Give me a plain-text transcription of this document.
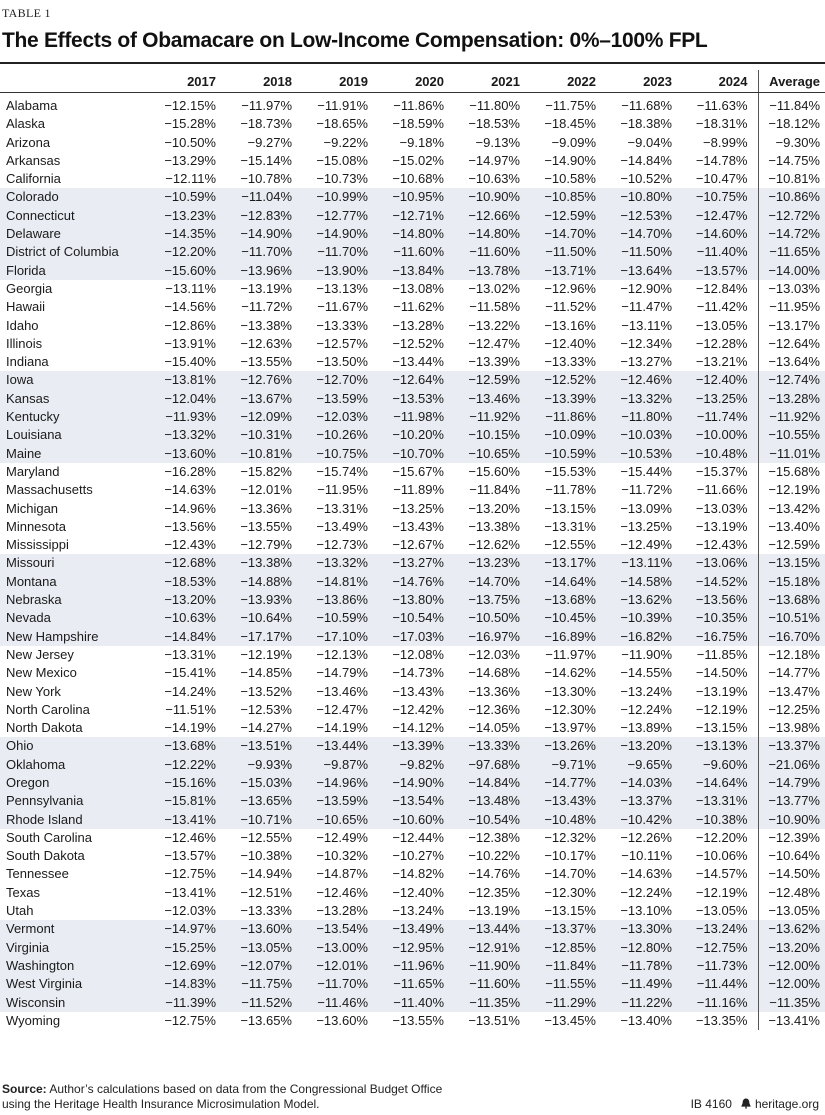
TABLE 1
The Effects of Obamacare on Low-Income Compensation: 0%–100% FPL
	2017	2018	2019	2020	2021	2022	2023	2024	Average
Alabama	−12.15%	−11.97%	−11.91%	−11.86%	−11.80%	−11.75%	−11.68%	−11.63%	−11.84%
Alaska	−15.28%	−18.73%	−18.65%	−18.59%	−18.53%	−18.45%	−18.38%	−18.31%	−18.12%
Arizona	−10.50%	−9.27%	−9.22%	−9.18%	−9.13%	−9.09%	−9.04%	−8.99%	−9.30%
Arkansas	−13.29%	−15.14%	−15.08%	−15.02%	−14.97%	−14.90%	−14.84%	−14.78%	−14.75%
California	−12.11%	−10.78%	−10.73%	−10.68%	−10.63%	−10.58%	−10.52%	−10.47%	−10.81%
Colorado	−10.59%	−11.04%	−10.99%	−10.95%	−10.90%	−10.85%	−10.80%	−10.75%	−10.86%
Connecticut	−13.23%	−12.83%	−12.77%	−12.71%	−12.66%	−12.59%	−12.53%	−12.47%	−12.72%
Delaware	−14.35%	−14.90%	−14.90%	−14.80%	−14.80%	−14.70%	−14.70%	−14.60%	−14.72%
District of Columbia	−12.20%	−11.70%	−11.70%	−11.60%	−11.60%	−11.50%	−11.50%	−11.40%	−11.65%
Florida	−15.60%	−13.96%	−13.90%	−13.84%	−13.78%	−13.71%	−13.64%	−13.57%	−14.00%
Georgia	−13.11%	−13.19%	−13.13%	−13.08%	−13.02%	−12.96%	−12.90%	−12.84%	−13.03%
Hawaii	−14.56%	−11.72%	−11.67%	−11.62%	−11.58%	−11.52%	−11.47%	−11.42%	−11.95%
Idaho	−12.86%	−13.38%	−13.33%	−13.28%	−13.22%	−13.16%	−13.11%	−13.05%	−13.17%
Illinois	−13.91%	−12.63%	−12.57%	−12.52%	−12.47%	−12.40%	−12.34%	−12.28%	−12.64%
Indiana	−15.40%	−13.55%	−13.50%	−13.44%	−13.39%	−13.33%	−13.27%	−13.21%	−13.64%
Iowa	−13.81%	−12.76%	−12.70%	−12.64%	−12.59%	−12.52%	−12.46%	−12.40%	−12.74%
Kansas	−12.04%	−13.67%	−13.59%	−13.53%	−13.46%	−13.39%	−13.32%	−13.25%	−13.28%
Kentucky	−11.93%	−12.09%	−12.03%	−11.98%	−11.92%	−11.86%	−11.80%	−11.74%	−11.92%
Louisiana	−13.32%	−10.31%	−10.26%	−10.20%	−10.15%	−10.09%	−10.03%	−10.00%	−10.55%
Maine	−13.60%	−10.81%	−10.75%	−10.70%	−10.65%	−10.59%	−10.53%	−10.48%	−11.01%
Maryland	−16.28%	−15.82%	−15.74%	−15.67%	−15.60%	−15.53%	−15.44%	−15.37%	−15.68%
Massachusetts	−14.63%	−12.01%	−11.95%	−11.89%	−11.84%	−11.78%	−11.72%	−11.66%	−12.19%
Michigan	−14.96%	−13.36%	−13.31%	−13.25%	−13.20%	−13.15%	−13.09%	−13.03%	−13.42%
Minnesota	−13.56%	−13.55%	−13.49%	−13.43%	−13.38%	−13.31%	−13.25%	−13.19%	−13.40%
Mississippi	−12.43%	−12.79%	−12.73%	−12.67%	−12.62%	−12.55%	−12.49%	−12.43%	−12.59%
Missouri	−12.68%	−13.38%	−13.32%	−13.27%	−13.23%	−13.17%	−13.11%	−13.06%	−13.15%
Montana	−18.53%	−14.88%	−14.81%	−14.76%	−14.70%	−14.64%	−14.58%	−14.52%	−15.18%
Nebraska	−13.20%	−13.93%	−13.86%	−13.80%	−13.75%	−13.68%	−13.62%	−13.56%	−13.68%
Nevada	−10.63%	−10.64%	−10.59%	−10.54%	−10.50%	−10.45%	−10.39%	−10.35%	−10.51%
New Hampshire	−14.84%	−17.17%	−17.10%	−17.03%	−16.97%	−16.89%	−16.82%	−16.75%	−16.70%
New Jersey	−13.31%	−12.19%	−12.13%	−12.08%	−12.03%	−11.97%	−11.90%	−11.85%	−12.18%
New Mexico	−15.41%	−14.85%	−14.79%	−14.73%	−14.68%	−14.62%	−14.55%	−14.50%	−14.77%
New York	−14.24%	−13.52%	−13.46%	−13.43%	−13.36%	−13.30%	−13.24%	−13.19%	−13.47%
North Carolina	−11.51%	−12.53%	−12.47%	−12.42%	−12.36%	−12.30%	−12.24%	−12.19%	−12.25%
North Dakota	−14.19%	−14.27%	−14.19%	−14.12%	−14.05%	−13.97%	−13.89%	−13.15%	−13.98%
Ohio	−13.68%	−13.51%	−13.44%	−13.39%	−13.33%	−13.26%	−13.20%	−13.13%	−13.37%
Oklahoma	−12.22%	−9.93%	−9.87%	−9.82%	−97.68%	−9.71%	−9.65%	−9.60%	−21.06%
Oregon	−15.16%	−15.03%	−14.96%	−14.90%	−14.84%	−14.77%	−14.03%	−14.64%	−14.79%
Pennsylvania	−15.81%	−13.65%	−13.59%	−13.54%	−13.48%	−13.43%	−13.37%	−13.31%	−13.77%
Rhode Island	−13.41%	−10.71%	−10.65%	−10.60%	−10.54%	−10.48%	−10.42%	−10.38%	−10.90%
South Carolina	−12.46%	−12.55%	−12.49%	−12.44%	−12.38%	−12.32%	−12.26%	−12.20%	−12.39%
South Dakota	−13.57%	−10.38%	−10.32%	−10.27%	−10.22%	−10.17%	−10.11%	−10.06%	−10.64%
Tennessee	−12.75%	−14.94%	−14.87%	−14.82%	−14.76%	−14.70%	−14.63%	−14.57%	−14.50%
Texas	−13.41%	−12.51%	−12.46%	−12.40%	−12.35%	−12.30%	−12.24%	−12.19%	−12.48%
Utah	−12.03%	−13.33%	−13.28%	−13.24%	−13.19%	−13.15%	−13.10%	−13.05%	−13.05%
Vermont	−14.97%	−13.60%	−13.54%	−13.49%	−13.44%	−13.37%	−13.30%	−13.24%	−13.62%
Virginia	−15.25%	−13.05%	−13.00%	−12.95%	−12.91%	−12.85%	−12.80%	−12.75%	−13.20%
Washington	−12.69%	−12.07%	−12.01%	−11.96%	−11.90%	−11.84%	−11.78%	−11.73%	−12.00%
West Virginia	−14.83%	−11.75%	−11.70%	−11.65%	−11.60%	−11.55%	−11.49%	−11.44%	−12.00%
Wisconsin	−11.39%	−11.52%	−11.46%	−11.40%	−11.35%	−11.29%	−11.22%	−11.16%	−11.35%
Wyoming	−12.75%	−13.65%	−13.60%	−13.55%	−13.51%	−13.45%	−13.40%	−13.35%	−13.41%
Source: Author’s calculations based on data from the Congressional Budget Office
using the Heritage Health Insurance Microsimulation Model.	IB 4160 heritage.org
